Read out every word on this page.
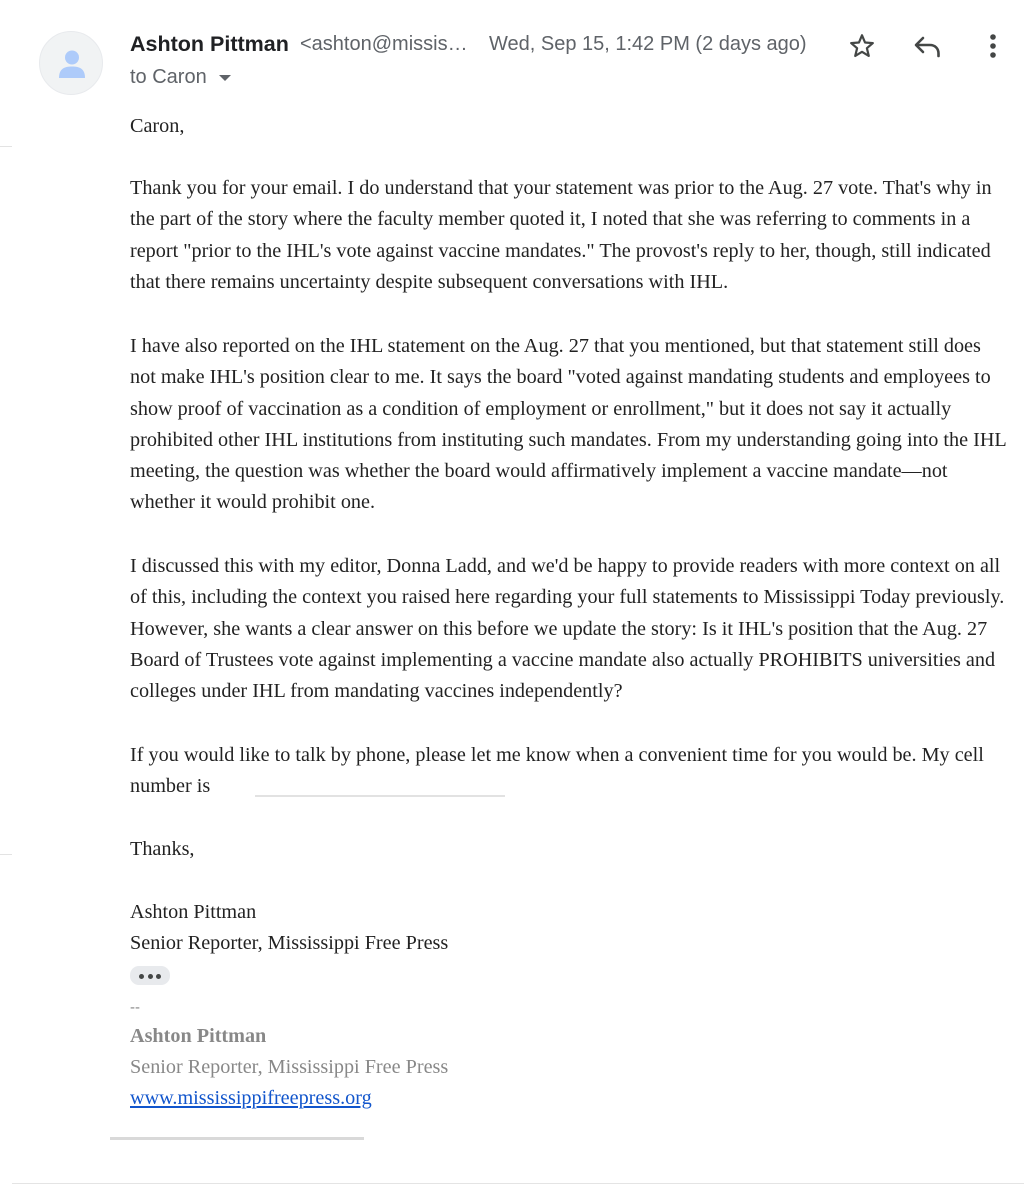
Ashton Pittman <ashton@missis… Wed, Sep 15, 1:42 PM (2 days ago)
to Caron

Caron,

Thank you for your email. I do understand that your statement was prior to the Aug. 27 vote. That's why in the part of the story where the faculty member quoted it, I noted that she was referring to comments in a report "prior to the IHL's vote against vaccine mandates." The provost's reply to her, though, still indicated that there remains uncertainty despite subsequent conversations with IHL.

I have also reported on the IHL statement on the Aug. 27 that you mentioned, but that statement still does not make IHL's position clear to me. It says the board "voted against mandating students and employees to show proof of vaccination as a condition of employment or enrollment," but it does not say it actually prohibited other IHL institutions from instituting such mandates. From my understanding going into the IHL meeting, the question was whether the board would affirmatively implement a vaccine mandate—not whether it would prohibit one.

I discussed this with my editor, Donna Ladd, and we'd be happy to provide readers with more context on all of this, including the context you raised here regarding your full statements to Mississippi Today previously. However, she wants a clear answer on this before we update the story: Is it IHL's position that the Aug. 27 Board of Trustees vote against implementing a vaccine mandate also actually PROHIBITS universities and colleges under IHL from mandating vaccines independently?

If you would like to talk by phone, please let me know when a convenient time for you would be. My cell number is

Thanks,

Ashton Pittman

Senior Reporter, Mississippi Free Press

--
Ashton Pittman
Senior Reporter, Mississippi Free Press
www.mississippifreepress.org
